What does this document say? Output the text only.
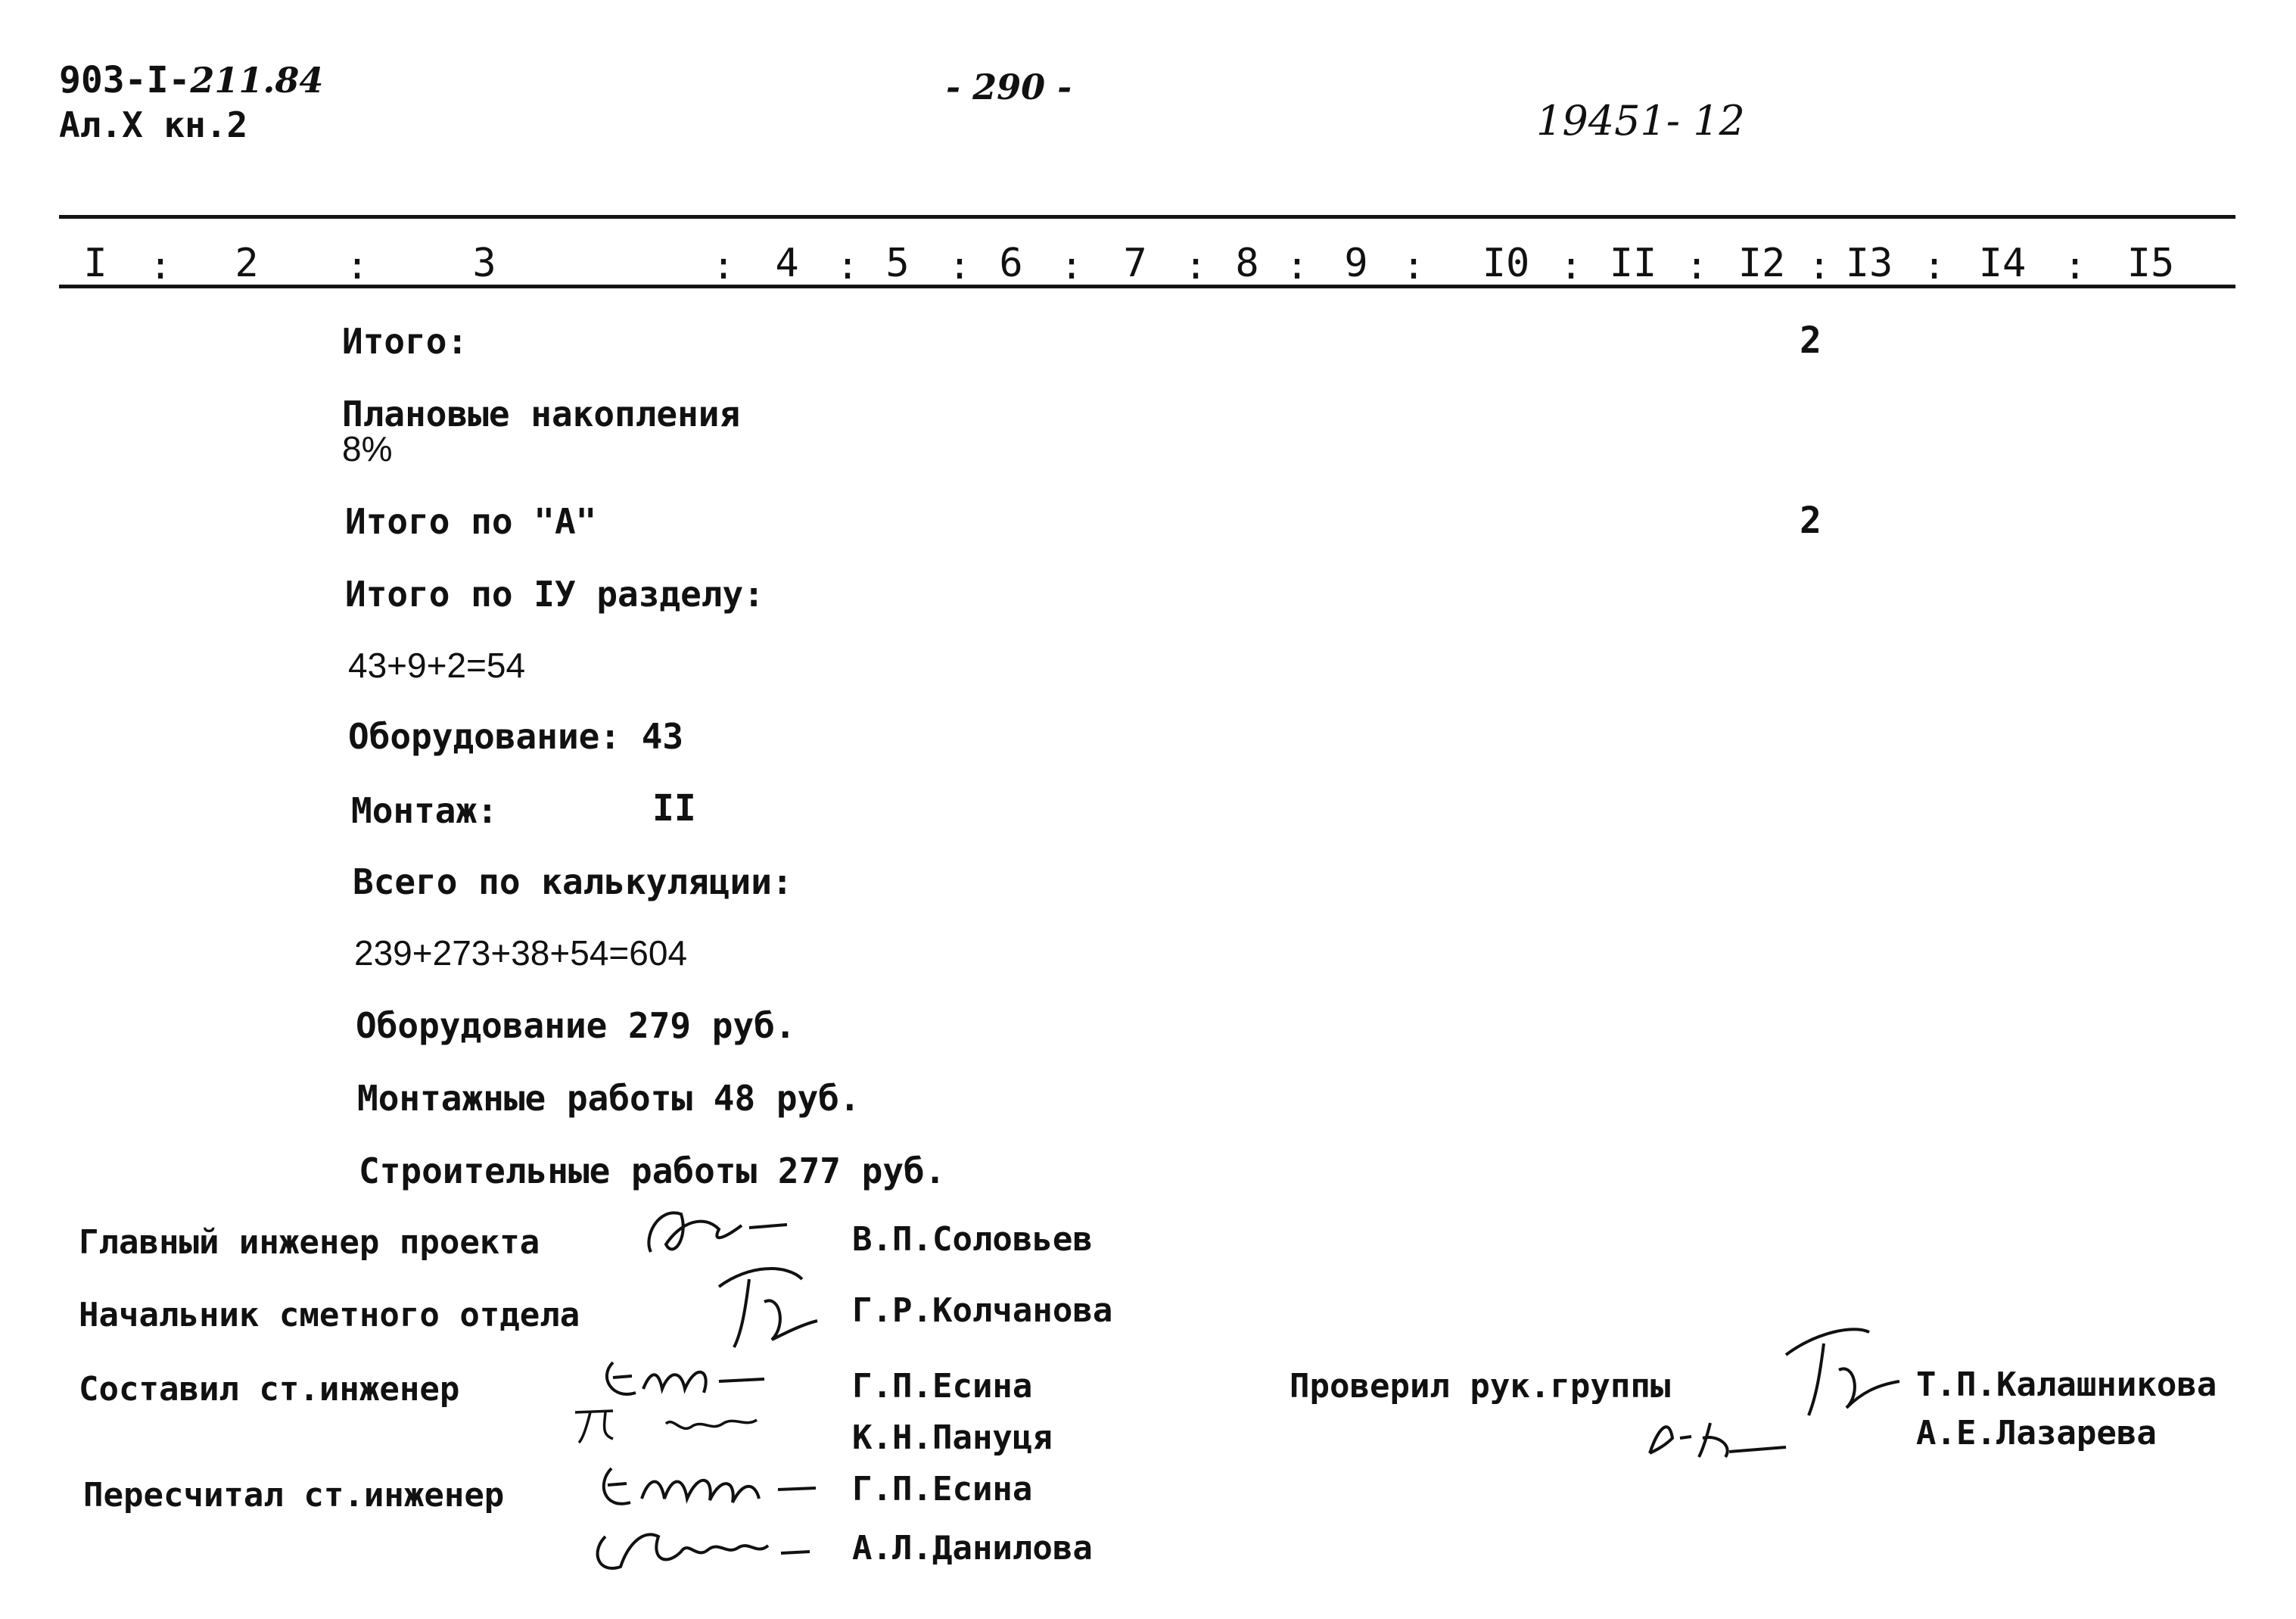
903-I-211.84
Ал.X кн.2
- 290 -
19451- 12
I	2	3	4 5 6	7 8 9	I0 II I2 I3 I4	I5
:	:	:	: : :	: : :	:	:	: :	:
Итого:	2
Плановые накопления
8%
Итого по "А"	2
Итого по IУ разделу:
43+9+2=54
Оборудование: 43
Монтаж:	II
Всего по калькуляции:
239+273+38+54=604
Оборудование 279 руб.
Монтажные работы 48 руб.
Строительные работы 277 руб.
Главный инженер проекта	В.П.Соловьев
Начальник сметного отдела	Г.Р.Колчанова
Составил ст.инженер	Г.П.Есина
К.Н.Пануця
Пересчитал ст.инженер	Г.П.Есина
А.Л.Данилова
Проверил рук.группы	Т.П.Калашникова
А.Е.Лазарева
